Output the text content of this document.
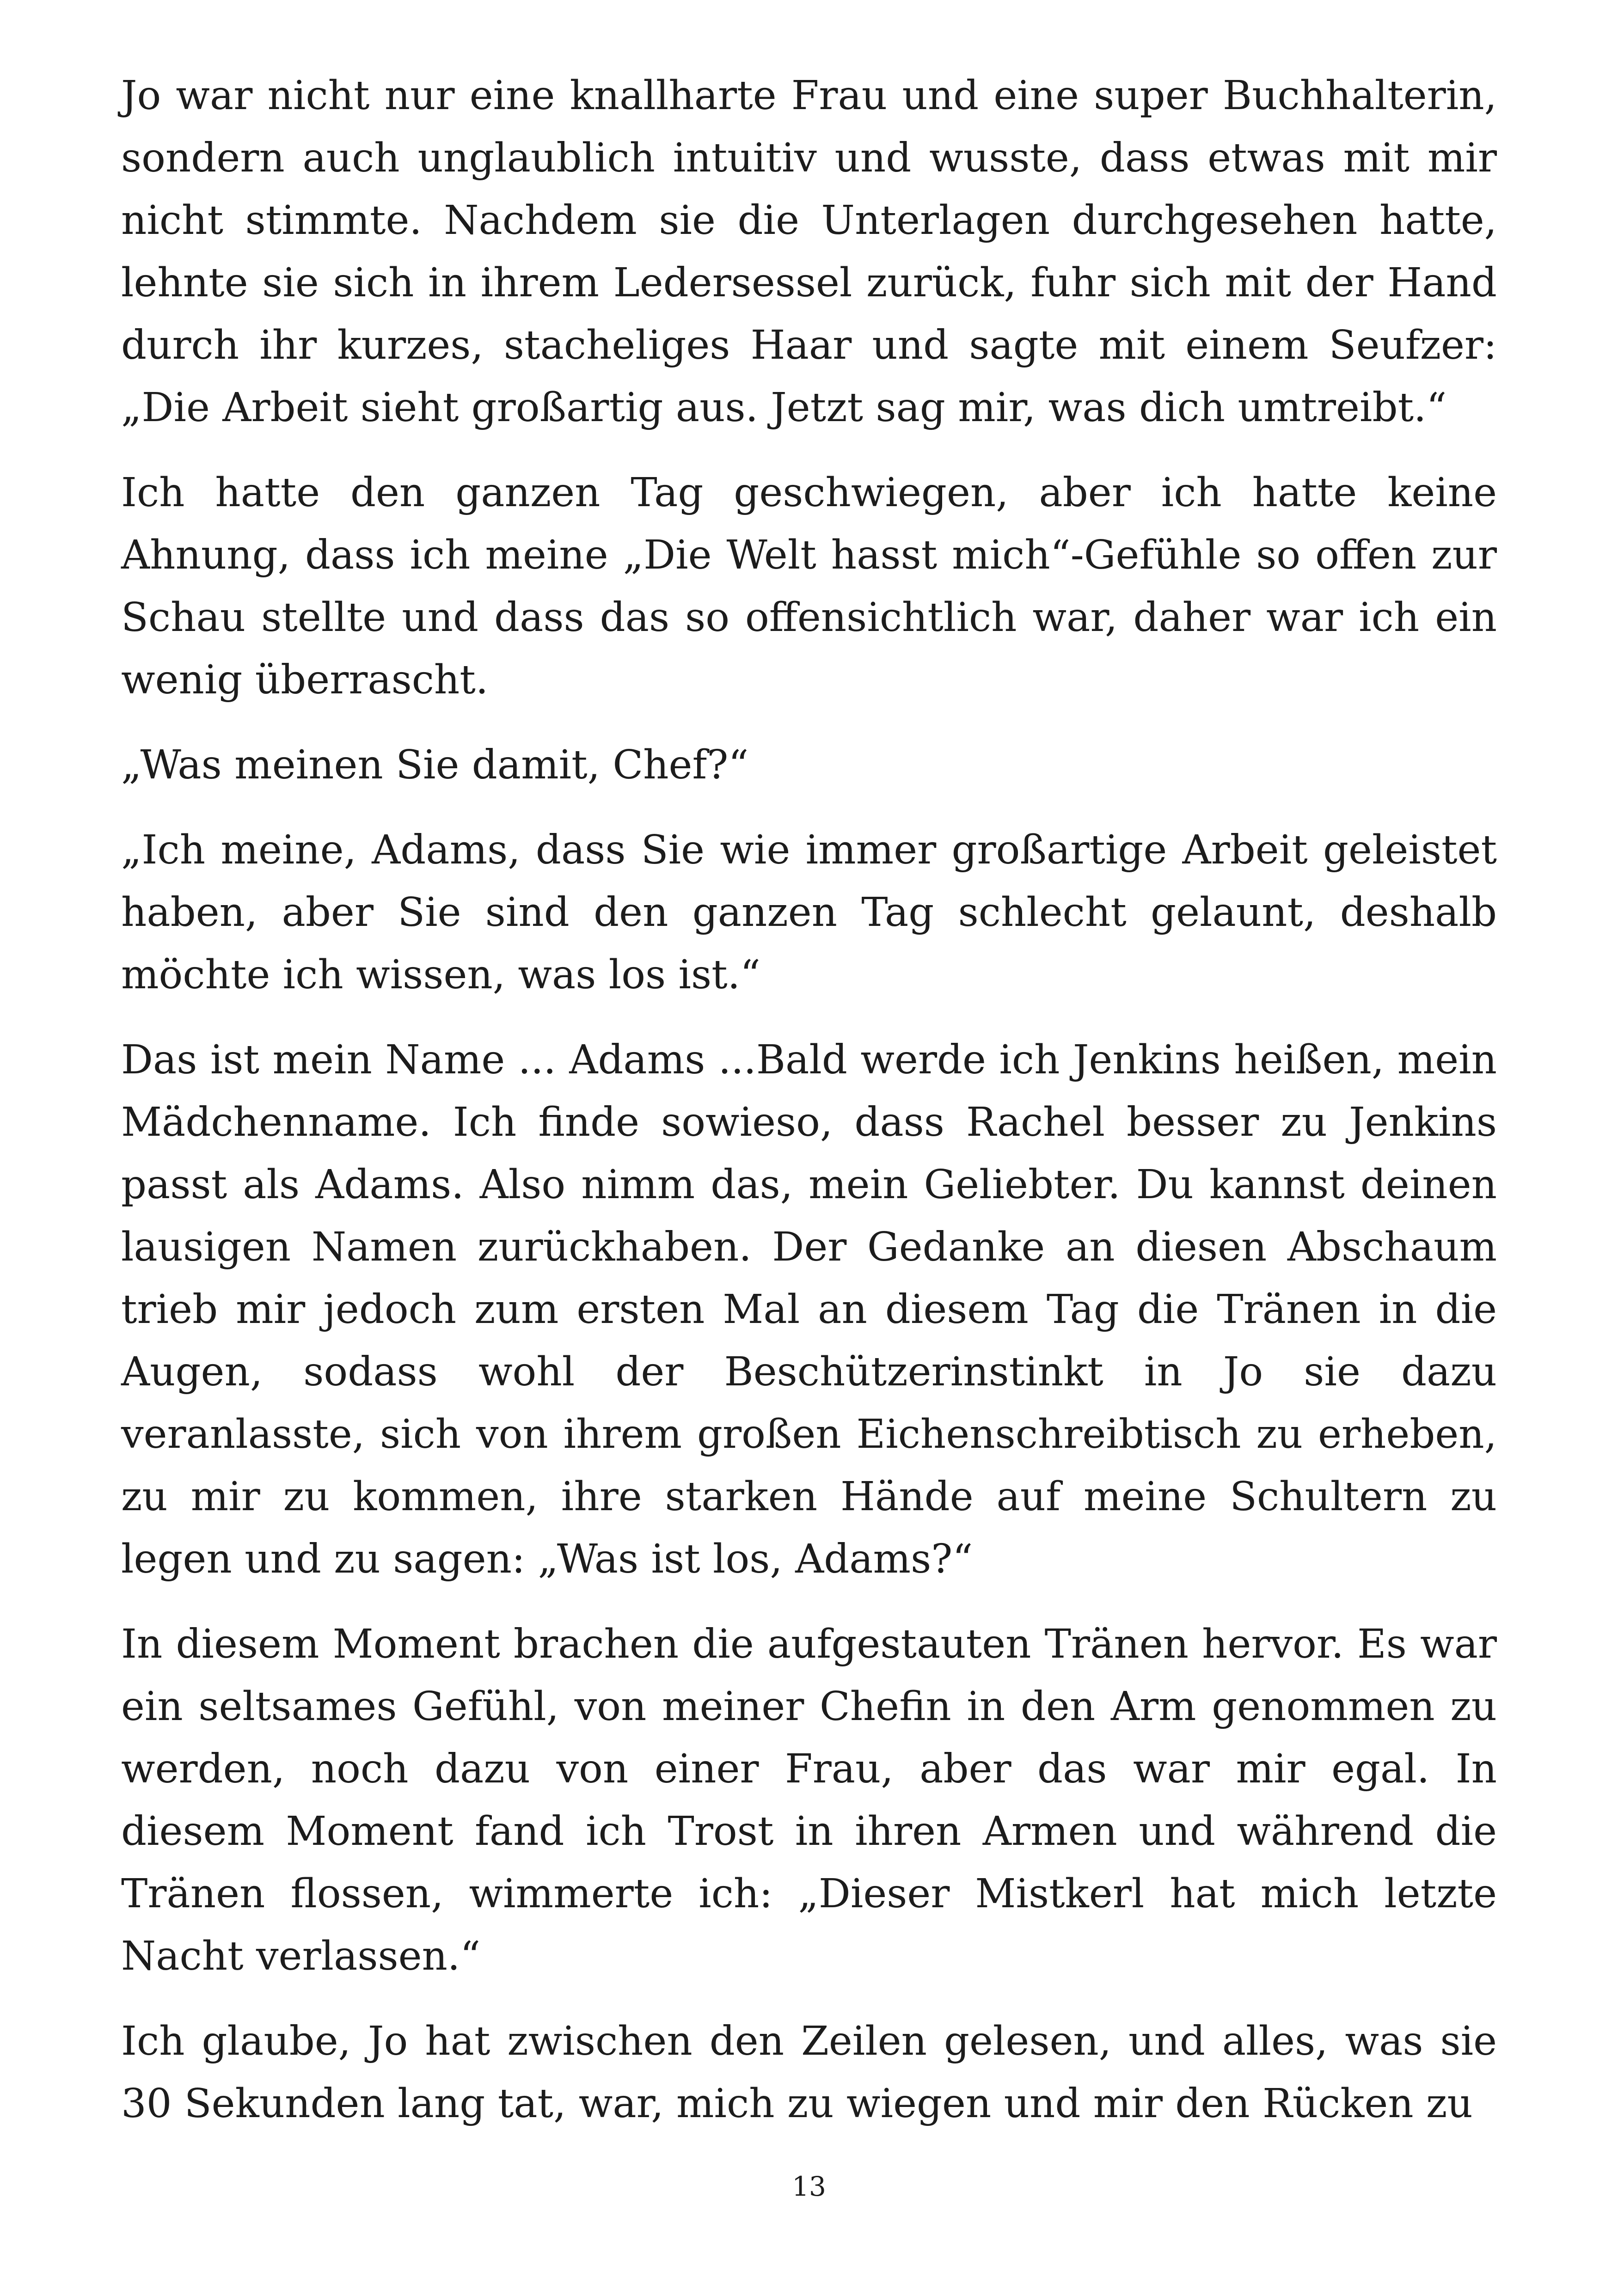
Jo war nicht nur eine knallharte Frau und eine super Buchhalterin, sondern auch unglaublich intuitiv und wusste, dass etwas mit mir nicht stimmte. Nachdem sie die Unterlagen durchgesehen hatte, lehnte sie sich in ihrem Ledersessel zurück, fuhr sich mit der Hand durch ihr kurzes, stacheliges Haar und sagte mit einem Seufzer: „Die Arbeit sieht großartig aus. Jetzt sag mir, was dich umtreibt.“

Ich hatte den ganzen Tag geschwiegen, aber ich hatte keine Ahnung, dass ich meine „Die Welt hasst mich“-Gefühle so offen zur Schau stellte und dass das so offensichtlich war, daher war ich ein wenig überrascht.

„Was meinen Sie damit, Chef?“

„Ich meine, Adams, dass Sie wie immer großartige Arbeit geleistet haben, aber Sie sind den ganzen Tag schlecht gelaunt, deshalb möchte ich wissen, was los ist.“

Das ist mein Name ... Adams ...Bald werde ich Jenkins heißen, mein Mädchenname. Ich finde sowieso, dass Rachel besser zu Jenkins passt als Adams. Also nimm das, mein Geliebter. Du kannst deinen lausigen Namen zurückhaben. Der Gedanke an diesen Abschaum trieb mir jedoch zum ersten Mal an diesem Tag die Tränen in die Augen, sodass wohl der Beschützerinstinkt in Jo sie dazu veranlasste, sich von ihrem großen Eichenschreibtisch zu erheben, zu mir zu kommen, ihre starken Hände auf meine Schultern zu legen und zu sagen: „Was ist los, Adams?“

In diesem Moment brachen die aufgestauten Tränen hervor. Es war ein seltsames Gefühl, von meiner Chefin in den Arm genommen zu werden, noch dazu von einer Frau, aber das war mir egal. In diesem Moment fand ich Trost in ihren Armen und während die Tränen flossen, wimmerte ich: „Dieser Mistkerl hat mich letzte Nacht verlassen.“

Ich glaube, Jo hat zwischen den Zeilen gelesen, und alles, was sie 30 Sekunden lang tat, war, mich zu wiegen und mir den Rücken zu

13
